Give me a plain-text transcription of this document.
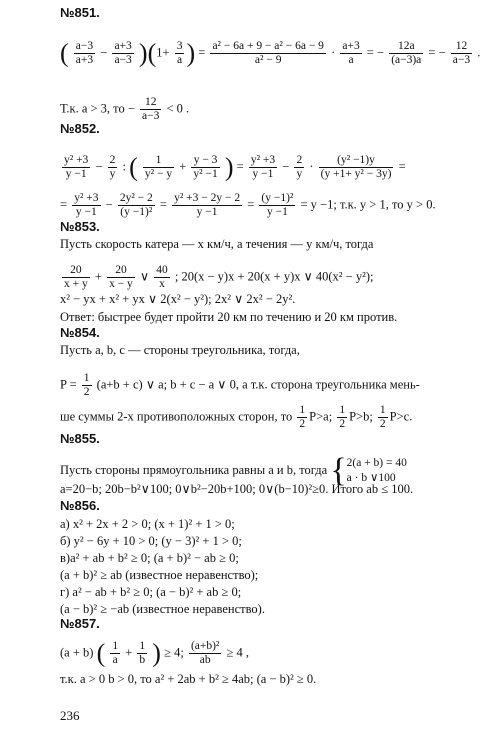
№851.
( $\frac{a-3}{a+3} - \frac{a+3}{a-3} )(1+ \frac{3}{a}$ ) = $\frac{\text{a² − 6a + 9 − a² − 6a − 9}}{\text{a² − 9}} \cdot \frac{a+3}{a}$ = − $\frac{12a}{(a-3)a}$ = − $\frac{12}{a-3}$ .
Т.к. a > 3, то − $\frac{12}{a-3} < 0$ .
№852.
$\frac{\text{y² +3}}{y -1} - \frac{2}{y}$ : ( $\frac{1}{\text{y² − y}} + \frac{y - 3}{\text{y² −1}}$ ) = $\frac{\text{y² +3}}{y -1} - \frac{2}{y} \cdot \frac{\text{(y² −1)y}}{\text{(y +1+ y² − 3y)}}$ =
= $\frac{\text{y² +3}}{y -1} - \frac{\text{2y² − 2}}{\text{(y −1)²}} = \frac{\text{y² +3 − 2y − 2}}{y -1} = \frac{\text{(y −1)²}}{y -1} = y -1$; т.к. y > 1, то y > 0.
№853.
Пусть скорость катера — x км/ч, а течения — y км/ч, тогда
$\frac{20}{x + y} + \frac{20}{x - y}$ ∨ $\frac{40}{x}$ ; 20(x − y)x + 20(x + y)x ∨ 40(x² − y²);
x² − yx + x² + yx ∨ 2(x² − y²); 2x² ∨ 2x² − 2y².
Ответ: быстрее будет пройти 20 км по течению и 20 км против.
№854.
Пусть a, b, c — стороны треугольника, тогда,
$P = \frac{1}{2} (a+b + c)$ ∨ a; b + c − a ∨ 0, а т.к. сторона треугольника мень-
ше суммы 2-х противоположных сторон, то $\frac{1}{2} P>a$; $\frac{1}{2} P>b$; $\frac{1}{2} P>c$.
№855.
Пусть стороны прямоугольника равны a и b, тогда { 2(a + b) = 40
a · b ∨100
a=20−b; 20b−b²∨100; 0∨b²−20b+100; 0∨(b−10)²≥0. Итого ab ≤ 100.
№856.
а) x² + 2x + 2 > 0; (x + 1)² + 1 > 0;
б) y² − 6y + 10 > 0; (y − 3)² + 1 > 0;
в)a² + ab + b² ≥ 0; (a + b)² − ab ≥ 0;
(a + b)² ≥ ab (известное неравенство);
г) a² − ab + b² ≥ 0; (a − b)² + ab ≥ 0;
(a − b)² ≥ −ab (известное неравенство).
№857.
(a + b) ( $\frac{1}{a} + \frac{1}{b}$ ) ≥ 4; $\frac{\text{(a+b)²}}{ab} \ge 4$ ,
т.к. a > 0 b > 0, то a² + 2ab + b² ≥ 4ab; (a − b)² ≥ 0.
236
